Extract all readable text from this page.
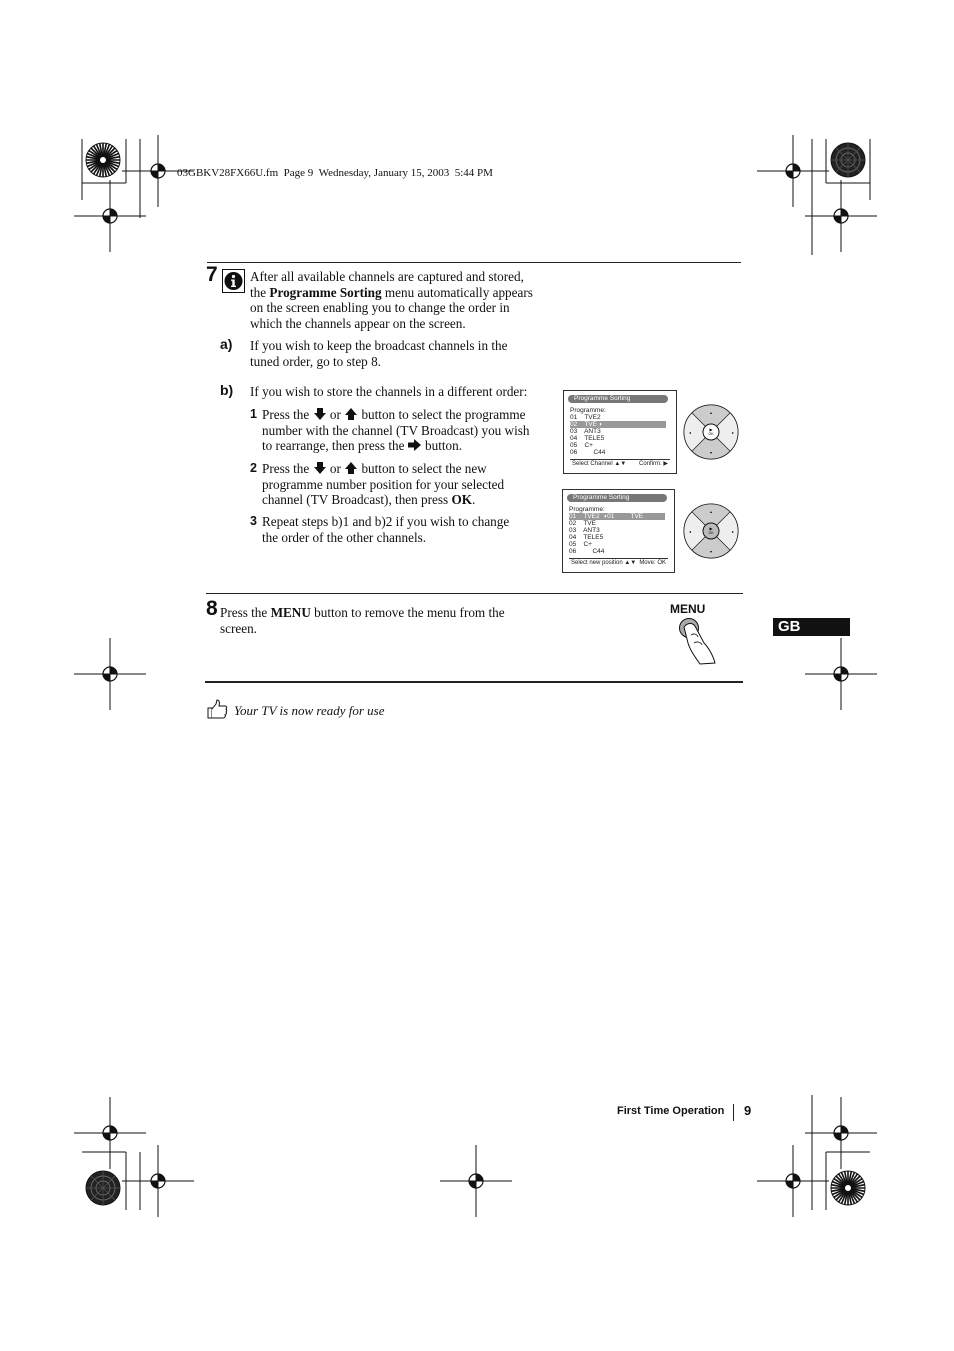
03GBKV28FX66U.fm  Page 9  Wednesday, January 15, 2003  5:44 PM
7 After all available channels are captured and stored,
the Programme Sorting menu automatically appears
on the screen enabling you to change the order in
which the channels appear on the screen.
a) If you wish to keep the broadcast channels in the
tuned order, go to step 8.
b) If you wish to store the channels in a different order:
1 Press the or button to select the programme
number with the channel (TV Broadcast) you wish
to rearrange, then press the button.
2 Press the or button to select the new
programme number position for your selected
channel (TV Broadcast), then press OK.
3 Repeat steps b)1 and b)2 if you wish to change
the order of the other channels.
Programme Sorting
Programme:
01    TVE2
02    TVE ◗
03    ANT3
04    TELE5
05    C+
06         C44
Select Channel ▲▼ Confirm: ▶
▶
OK
▴
▾
◂	▸
Programme Sorting
Programme:
01    TVE2  ◖01         TVE
02    TVE
03    ANT3
04    TELE5
05    C+
06         C44
Select new position ▲▼ Move: OK
▶
OK
▴
▾
◂	▸
8 Press the MENU button to remove the menu from the
screen.
MENU
Your TV is now ready for use
GB
First Time Operation 9
